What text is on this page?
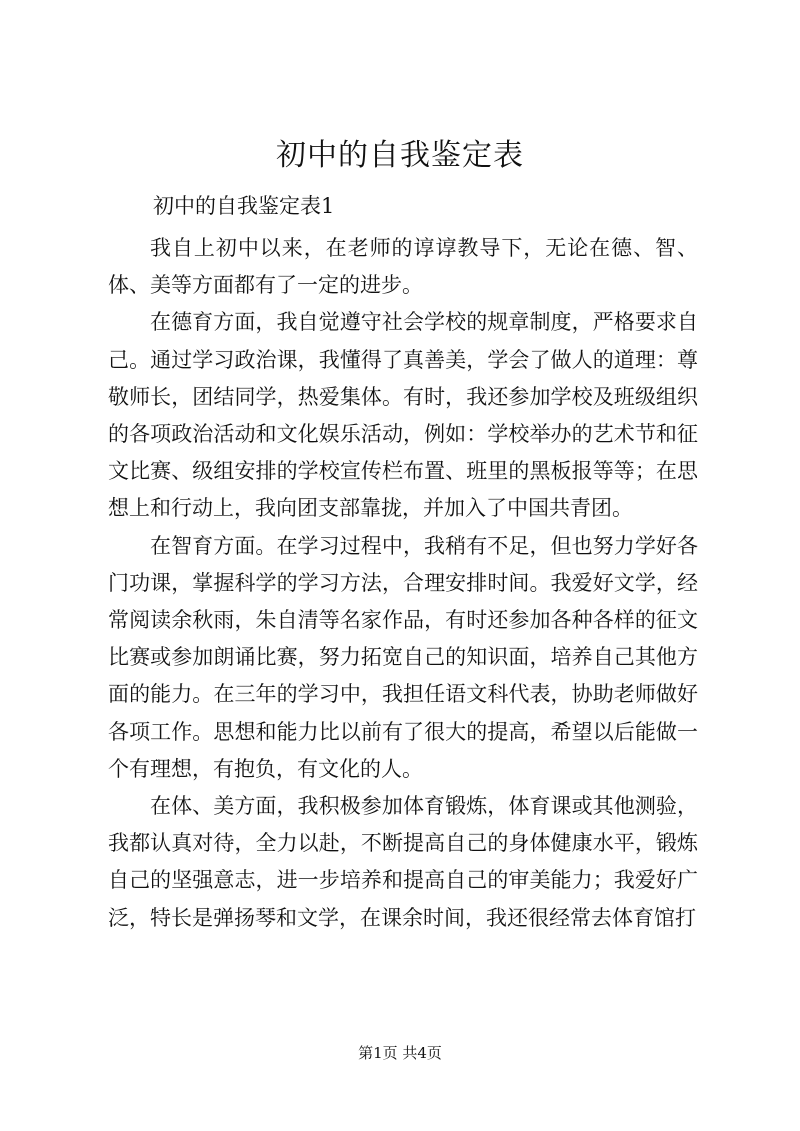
初中的自我鉴定表
初中的自我鉴定表1

我自上初中以来，在老师的谆谆教导下，无论在德、智、体、美等方面都有了一定的进步。

在德育方面，我自觉遵守社会学校的规章制度，严格要求自己。通过学习政治课，我懂得了真善美，学会了做人的道理：尊敬师长，团结同学，热爱集体。有时，我还参加学校及班级组织的各项政治活动和文化娱乐活动，例如：学校举办的艺术节和征文比赛、级组安排的学校宣传栏布置、班里的黑板报等等；在思想上和行动上，我向团支部靠拢，并加入了中国共青团。

在智育方面。在学习过程中，我稍有不足，但也努力学好各门功课，掌握科学的学习方法，合理安排时间。我爱好文学，经常阅读余秋雨，朱自清等名家作品，有时还参加各种各样的征文比赛或参加朗诵比赛，努力拓宽自己的知识面，培养自己其他方面的能力。在三年的学习中，我担任语文科代表，协助老师做好各项工作。思想和能力比以前有了很大的提高，希望以后能做一个有理想，有抱负，有文化的人。

在体、美方面，我积极参加体育锻炼，体育课或其他测验，我都认真对待，全力以赴，不断提高自己的身体健康水平，锻炼自己的坚强意志，进一步培养和提高自己的审美能力；我爱好广泛，特长是弹扬琴和文学，在课余时间，我还很经常去体育馆打

第1页 共4页
